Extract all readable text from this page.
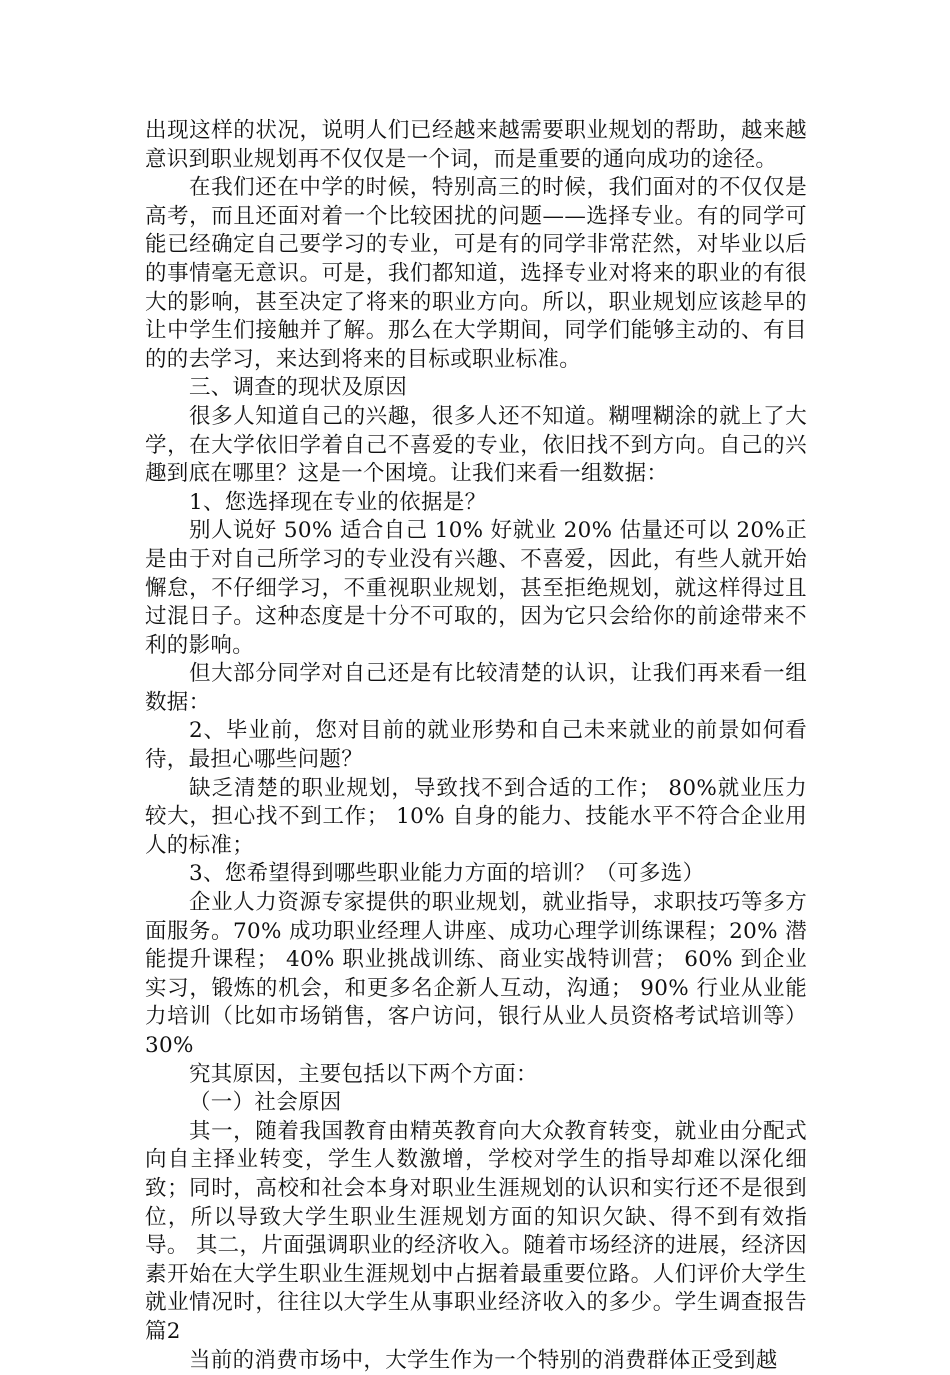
出现这样的状况，说明人们已经越来越需要职业规划的帮助，越来越意识到职业规划再不仅仅是一个词，而是重要的通向成功的途径。

在我们还在中学的时候，特别高三的时候，我们面对的不仅仅是高考，而且还面对着一个比较困扰的问题——选择专业。有的同学可能已经确定自己要学习的专业，可是有的同学非常茫然，对毕业以后的事情毫无意识。可是，我们都知道，选择专业对将来的职业的有很大的影响，甚至决定了将来的职业方向。所以，职业规划应该趁早的让中学生们接触并了解。那么在大学期间，同学们能够主动的、有目的的去学习，来达到将来的目标或职业标准。

三、调查的现状及原因

很多人知道自己的兴趣，很多人还不知道。糊哩糊涂的就上了大学，在大学依旧学着自己不喜爱的专业，依旧找不到方向。自己的兴趣到底在哪里？这是一个困境。让我们来看一组数据：

1、您选择现在专业的依据是？

别人说好 50% 适合自己 10% 好就业 20% 估量还可以 20%正是由于对自己所学习的专业没有兴趣、不喜爱，因此，有些人就开始懈怠，不仔细学习，不重视职业规划，甚至拒绝规划，就这样得过且过混日子。这种态度是十分不可取的，因为它只会给你的前途带来不利的影响。

但大部分同学对自己还是有比较清楚的认识，让我们再来看一组数据：

2、毕业前，您对目前的就业形势和自己未来就业的前景如何看待，最担心哪些问题？

缺乏清楚的职业规划，导致找不到合适的工作； 80%就业压力较大，担心找不到工作； 10% 自身的能力、技能水平不符合企业用人的标准；

3、您希望得到哪些职业能力方面的培训？（可多选）

企业人力资源专家提供的职业规划，就业指导，求职技巧等多方面服务。70% 成功职业经理人讲座、成功心理学训练课程；20% 潜能提升课程； 40% 职业挑战训练、商业实战特训营； 60% 到企业实习，锻炼的机会，和更多名企新人互动，沟通； 90% 行业从业能力培训（比如市场销售，客户访问，银行从业人员资格考试培训等）30%

究其原因，主要包括以下两个方面：

（一）社会原因

其一，随着我国教育由精英教育向大众教育转变，就业由分配式向自主择业转变，学生人数激增，学校对学生的指导却难以深化细致；同时，高校和社会本身对职业生涯规划的认识和实行还不是很到位，所以导致大学生职业生涯规划方面的知识欠缺、得不到有效指导。 其二，片面强调职业的经济收入。随着市场经济的进展，经济因素开始在大学生职业生涯规划中占据着最重要位路。人们评价大学生就业情况时，往往以大学生从事职业经济收入的多少。学生调查报告 篇2

当前的消费市场中，大学生作为一个特别的消费群体正受到越
